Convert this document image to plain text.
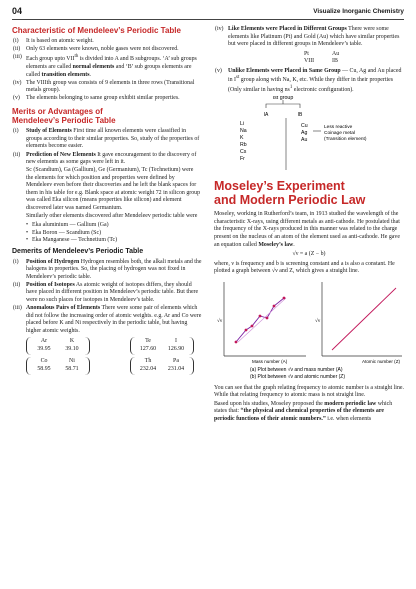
04	Visualize Inorganic Chemistry
Characteristic of Mendeleev’s Periodic Table
(i) It is based on atomic weight.
(ii) Only 63 elements were known, noble gases were not discovered.
(iii) Each group upto VIIth is divided into A and B subgroups. ‘A’ sub groups elements are called normal elements and ‘B’ sub groups elements are called transition elements.
(iv) The VIIIth group was consists of 9 elements in three rows (Transitional metals group).
(v) The elements belonging to same group exhibit similar properties.
Merits or Advantages of
Mendeleev’s Periodic Table
(i) Study of Elements First time all known elements were classified in groups according to their similar properties. So, study of the properties of elements become easier.
(ii) Prediction of New Elements It gave encouragement to the discovery of new elements as some gaps were left in it.

Sc (Scandium), Ga (Gallium), Ge (Germanium), Tc (Technetium) were the elements for which position and properties were defined by Mendeleev even before their discoveries and he left the blank spaces for them in his table for e.g. Blank space at atomic weight 72 in silicon group was called Eka silicon (means properties like silicon) and element discovered later was named Germanium.

Similarly other elements discovered after Mendeleev periodic table were

• Eka aluminium — Gallium (Ga)
• Eka Boron — Scandium (Sc)
• Eka Manganese — Technetium (Tc)
Demerits of Mendeleev’s Periodic Table
(i) Position of Hydrogen Hydrogen resembles both, the alkali metals and the halogens in properties. So, the placing of hydrogen was not fixed in Mendeleev’s periodic table.
(ii) Position of Isotopes As atomic weight of isotopes differs, they should have placed in different position in Mendeleev’s periodic table. But there were no such places for isotopes in Mendeleev’s table.
(iii) Anomalous Pairs of Elements There were some pair of elements which did not follow the increasing order of atomic weights. e.g. Ar and Co were placed before K and Ni respectively in the periodic table, but having higher atomic weights.
Ar	K
39.95	39.10
Te	I
127.60	126.90
Co	Ni
58.95	58.71
Th	Pa
232.04	231.04
(iv) Like Elements were Placed in Different Groups There were some elements like Platinum (Pt) and Gold (Au) which have similar properties but were placed in different groups in Mendeleev’s table.
Pt	Au
VIII	IB
(v) Unlike Elements were Placed in Same Group — Cu, Ag and Au placed in Ist group along with Na, K, etc. While they differ in their properties (Only similar in having $ns^1$ electronic configuration).
Ist group
IA	IB
Li
Na
K
Rb
Cs
Fr
Cu
Ag
Au
Less reactive
Coinage metal
(Transition element)
Moseley’s Experiment
and Modern Periodic Law

Moseley, working in Rutherford’s team, in 1913 studied the wavelength of the characteristic X-rays, using different metals as anti-cathode. He postulated that the frequency of the X-rays produced in this manner was related to the charge present on the nucleus of an atom of the element used as anti-cathode. He gave an equation called Moseley’s law.

√ν = a (Z − b)

where, ν is frequency and b is screening constant and a is also a constant. He plotted a graph between √ν and Z, which gives a straight line.

√ν
Mass number (A)
√ν
Atomic number (Z)
(a) Plot between √ν and mass number (A)
(b) Plot between √ν and atomic number (Z)

You can see that the graph relating frequency to atomic number is a straight line. While that relating frequency to atomic mass is not straight line.

Based upon his studies, Moseley proposed the modern periodic law which states that: “the physical and chemical properties of the elements are periodic functions of their atomic numbers.” i.e. when elements
